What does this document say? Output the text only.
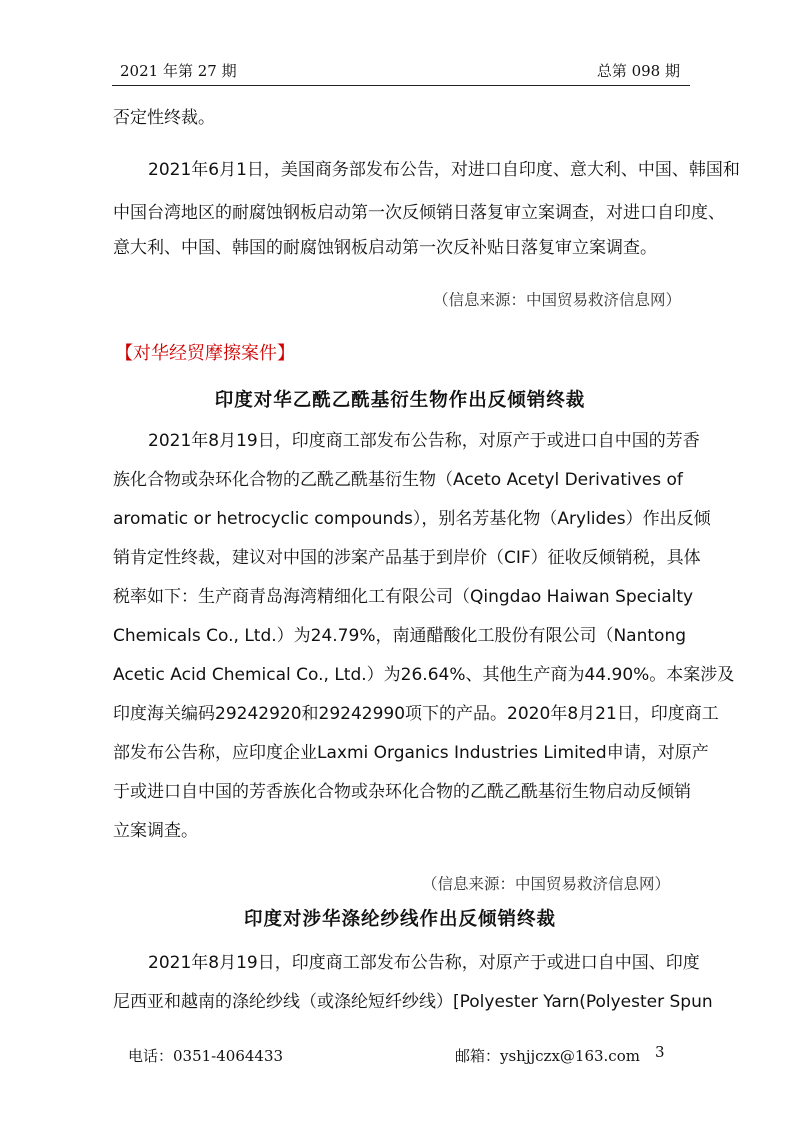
2021 年第 27 期	总第 098 期
否定性终裁。
2021年6月1日，美国商务部发布公告，对进口自印度、意大利、中国、韩国和
中国台湾地区的耐腐蚀钢板启动第一次反倾销日落复审立案调查，对进口自印度、
意大利、中国、韩国的耐腐蚀钢板启动第一次反补贴日落复审立案调查。
（信息来源：中国贸易救济信息网）
【对华经贸摩擦案件】
印度对华乙酰乙酰基衍生物作出反倾销终裁
2021年8月19日，印度商工部发布公告称，对原产于或进口自中国的芳香
族化合物或杂环化合物的乙酰乙酰基衍生物（Aceto Acetyl Derivatives of
aromatic or hetrocyclic compounds），别名芳基化物（Arylides）作出反倾
销肯定性终裁，建议对中国的涉案产品基于到岸价（CIF）征收反倾销税，具体
税率如下：生产商青岛海湾精细化工有限公司（Qingdao Haiwan Specialty
Chemicals Co., Ltd.）为24.79%，南通醋酸化工股份有限公司（Nantong
Acetic Acid Chemical Co., Ltd.）为26.64%、其他生产商为44.90%。本案涉及
印度海关编码29242920和29242990项下的产品。2020年8月21日，印度商工
部发布公告称，应印度企业Laxmi Organics Industries Limited申请，对原产
于或进口自中国的芳香族化合物或杂环化合物的乙酰乙酰基衍生物启动反倾销
立案调查。
（信息来源：中国贸易救济信息网）
印度对涉华涤纶纱线作出反倾销终裁
2021年8月19日，印度商工部发布公告称，对原产于或进口自中国、印度
尼西亚和越南的涤纶纱线（或涤纶短纤纱线）[Polyester Yarn(Polyester Spun
电话：0351-4064433	邮箱：yshjjczx@163.com 3
